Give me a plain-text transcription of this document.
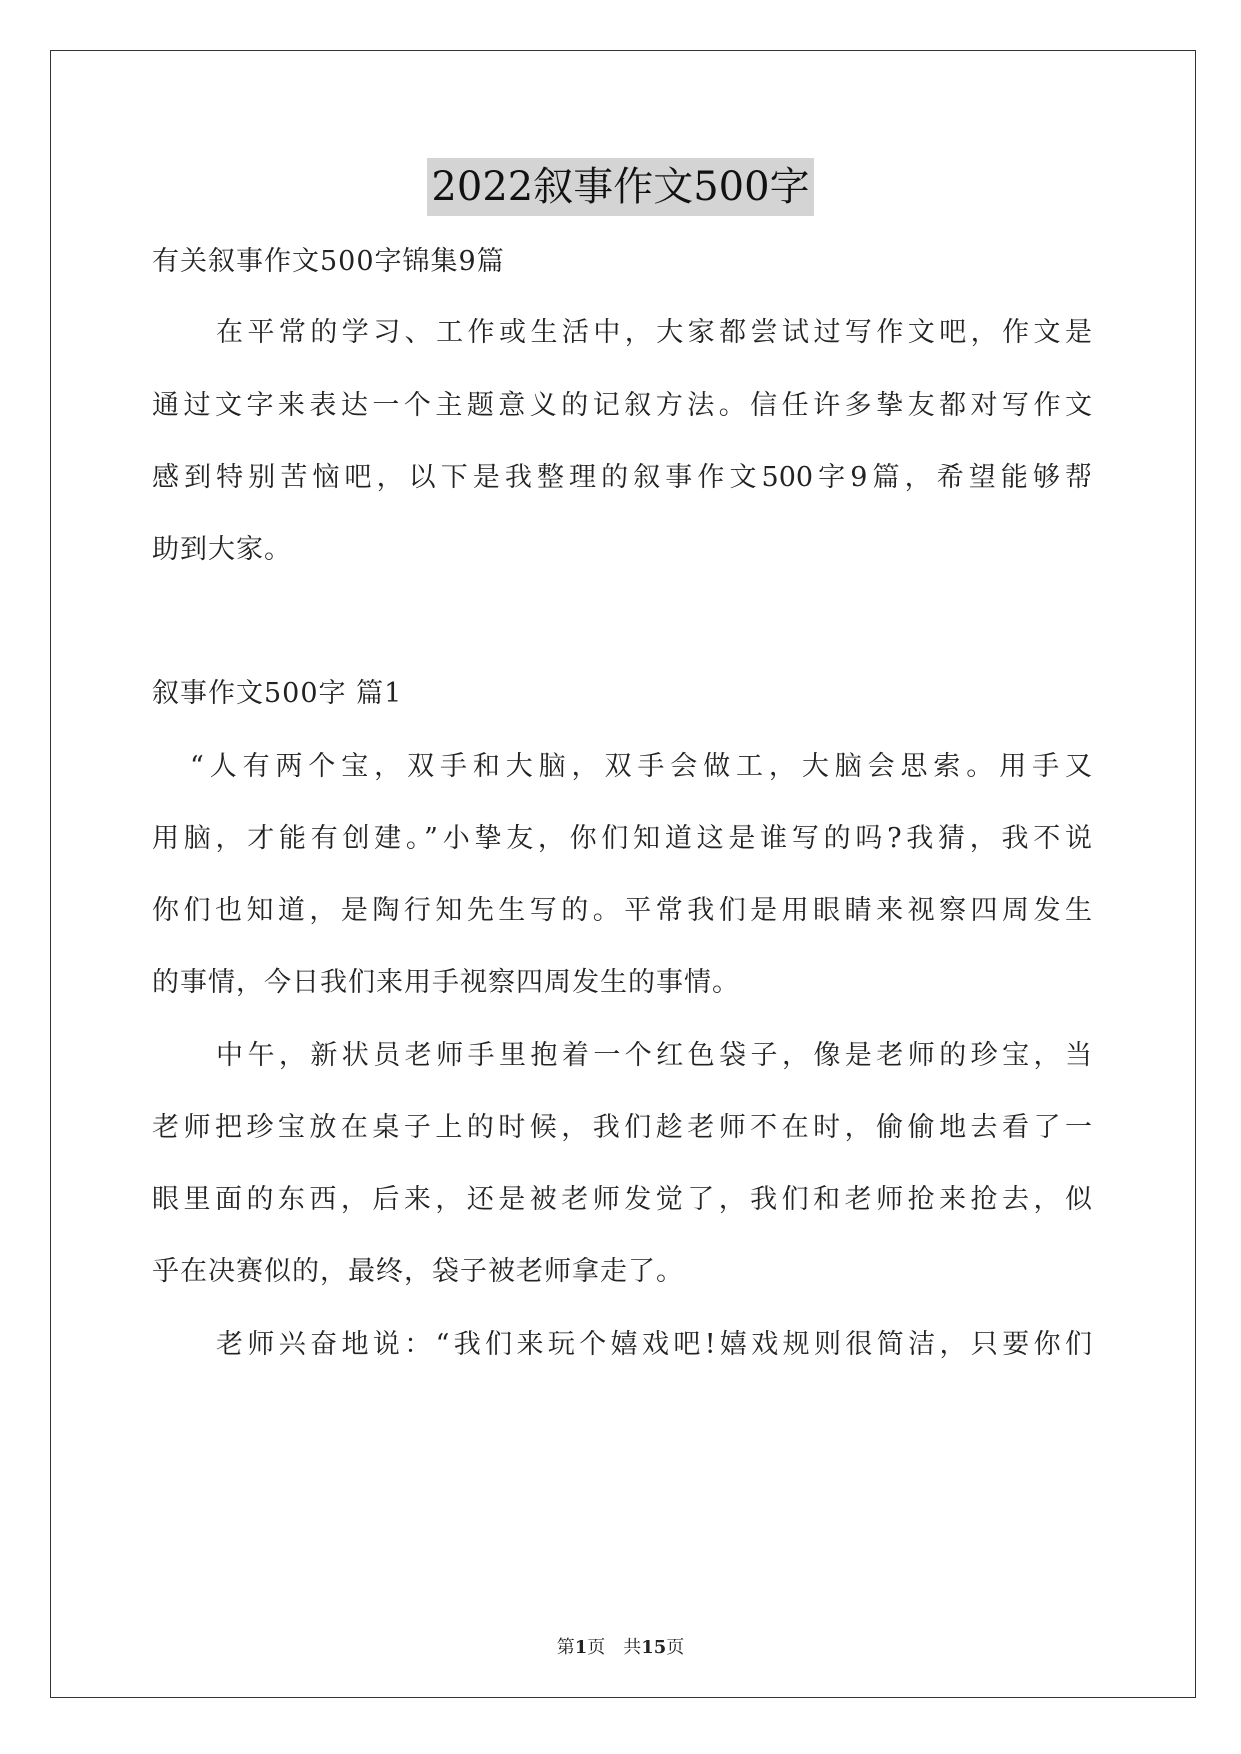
2022叙事作文500字
有关叙事作文500字锦集9篇
在平常的学习、工作或生活中，大家都尝试过写作文吧，作文是
通过文字来表达一个主题意义的记叙方法。信任许多挚友都对写作文
感到特别苦恼吧，以下是我整理的叙事作文500字9篇，希望能够帮
助到大家。
叙事作文500字 篇1
“人有两个宝，双手和大脑，双手会做工，大脑会思索。用手又
用脑，才能有创建。”小挚友，你们知道这是谁写的吗?我猜，我不说
你们也知道，是陶行知先生写的。平常我们是用眼睛来视察四周发生
的事情，今日我们来用手视察四周发生的事情。
中午，新状员老师手里抱着一个红色袋子，像是老师的珍宝，当
老师把珍宝放在桌子上的时候，我们趁老师不在时，偷偷地去看了一
眼里面的东西，后来，还是被老师发觉了，我们和老师抢来抢去，似
乎在决赛似的，最终，袋子被老师拿走了。
老师兴奋地说：“我们来玩个嬉戏吧!嬉戏规则很简洁，只要你们
第1页 共15页
